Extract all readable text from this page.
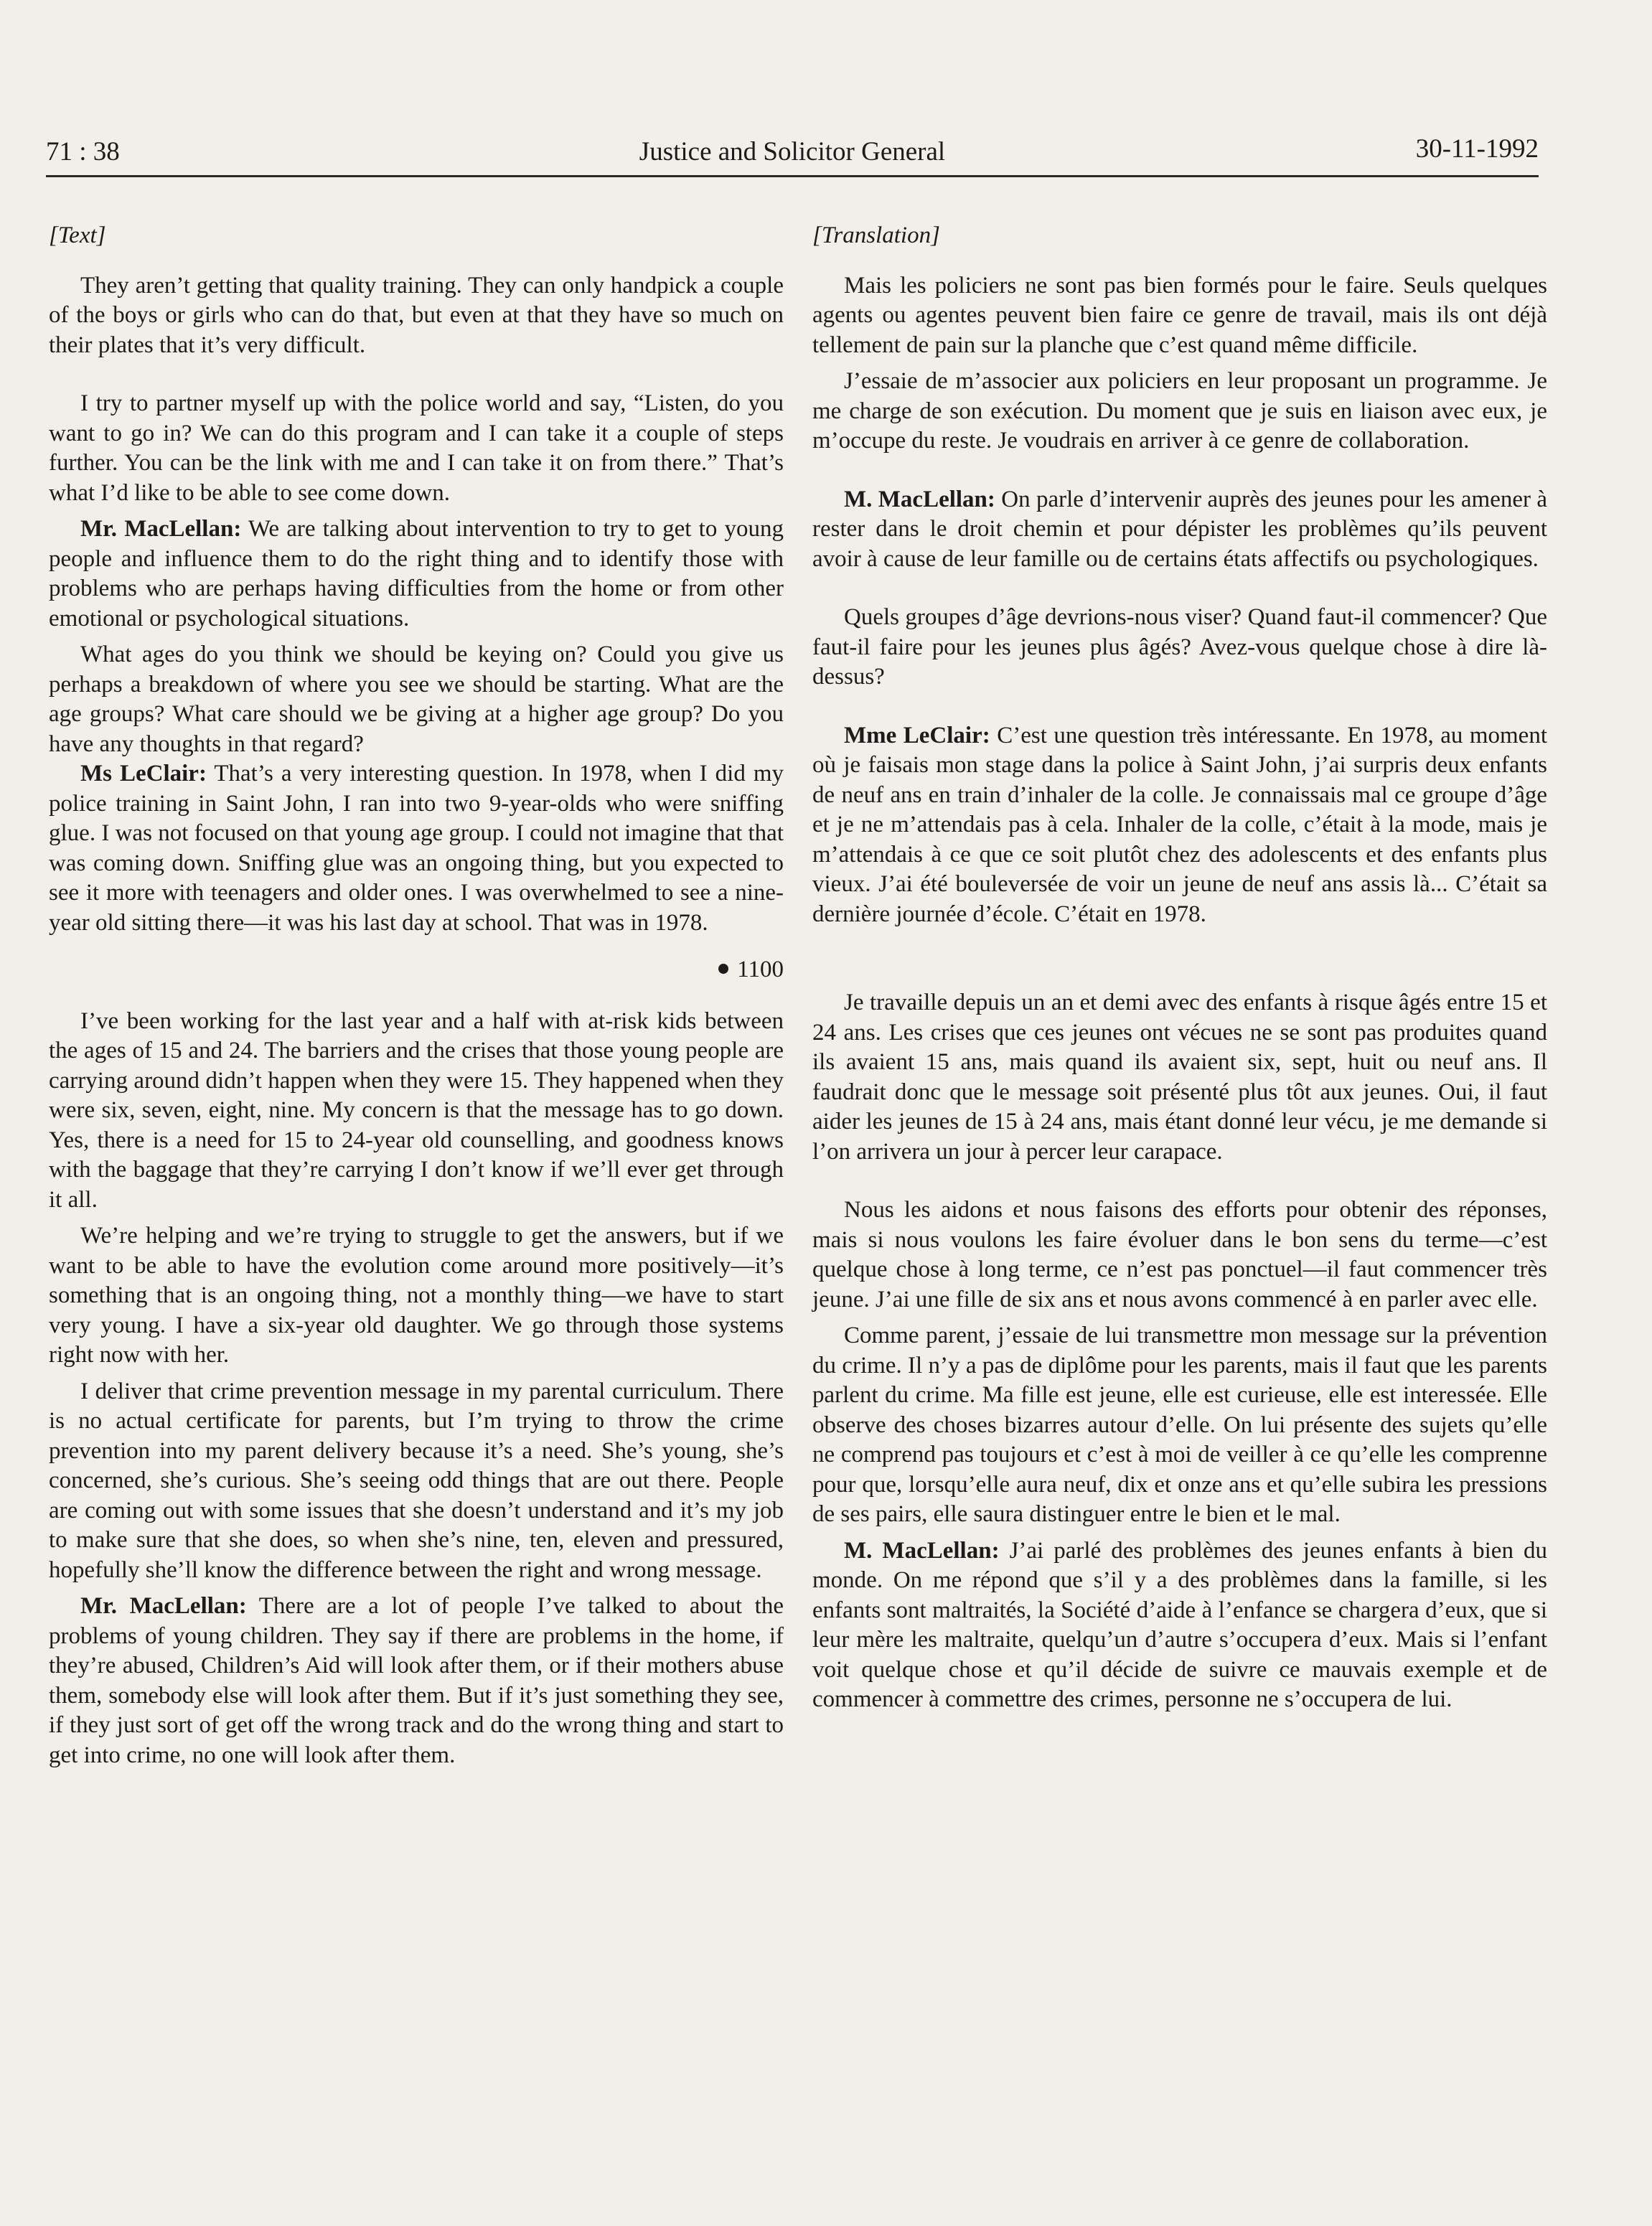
71 : 38	Justice and Solicitor General	30-11-1992

[Text]

They aren’t getting that quality training. They can only handpick a couple of the boys or girls who can do that, but even at that they have so much on their plates that it’s very difficult.

I try to partner myself up with the police world and say, “Listen, do you want to go in? We can do this program and I can take it a couple of steps further. You can be the link with me and I can take it on from there.” That’s what I’d like to be able to see come down.

Mr. MacLellan: We are talking about intervention to try to get to young people and influence them to do the right thing and to identify those with problems who are perhaps having difficulties from the home or from other emotional or psychological situations.

What ages do you think we should be keying on? Could you give us perhaps a breakdown of where you see we should be starting. What are the age groups? What care should we be giving at a higher age group? Do you have any thoughts in that regard?

Ms LeClair: That’s a very interesting question. In 1978, when I did my police training in Saint John, I ran into two 9-year-olds who were sniffing glue. I was not focused on that young age group. I could not imagine that that was coming down. Sniffing glue was an ongoing thing, but you expected to see it more with teenagers and older ones. I was overwhelmed to see a nine-year old sitting there—it was his last day at school. That was in 1978.

1100

I’ve been working for the last year and a half with at-risk kids between the ages of 15 and 24. The barriers and the crises that those young people are carrying around didn’t happen when they were 15. They happened when they were six, seven, eight, nine. My concern is that the message has to go down. Yes, there is a need for 15 to 24-year old counselling, and goodness knows with the baggage that they’re carrying I don’t know if we’ll ever get through it all.

We’re helping and we’re trying to struggle to get the answers, but if we want to be able to have the evolution come around more positively—it’s something that is an ongoing thing, not a monthly thing—we have to start very young. I have a six-year old daughter. We go through those systems right now with her.

I deliver that crime prevention message in my parental curriculum. There is no actual certificate for parents, but I’m trying to throw the crime prevention into my parent delivery because it’s a need. She’s young, she’s concerned, she’s curious. She’s seeing odd things that are out there. People are coming out with some issues that she doesn’t understand and it’s my job to make sure that she does, so when she’s nine, ten, eleven and pressured, hopefully she’ll know the difference between the right and wrong message.

Mr. MacLellan: There are a lot of people I’ve talked to about the problems of young children. They say if there are problems in the home, if they’re abused, Children’s Aid will look after them, or if their mothers abuse them, somebody else will look after them. But if it’s just something they see, if they just sort of get off the wrong track and do the wrong thing and start to get into crime, no one will look after them.

[Translation]

Mais les policiers ne sont pas bien formés pour le faire. Seuls quelques agents ou agentes peuvent bien faire ce genre de travail, mais ils ont déjà tellement de pain sur la planche que c’est quand même difficile.

J’essaie de m’associer aux policiers en leur proposant un programme. Je me charge de son exécution. Du moment que je suis en liaison avec eux, je m’occupe du reste. Je voudrais en arriver à ce genre de collaboration.

M. MacLellan: On parle d’intervenir auprès des jeunes pour les amener à rester dans le droit chemin et pour dépister les problèmes qu’ils peuvent avoir à cause de leur famille ou de certains états affectifs ou psychologiques.

Quels groupes d’âge devrions-nous viser? Quand faut-il commencer? Que faut-il faire pour les jeunes plus âgés? Avez-vous quelque chose à dire là-dessus?

Mme LeClair: C’est une question très intéressante. En 1978, au moment où je faisais mon stage dans la police à Saint John, j’ai surpris deux enfants de neuf ans en train d’inhaler de la colle. Je connaissais mal ce groupe d’âge et je ne m’attendais pas à cela. Inhaler de la colle, c’était à la mode, mais je m’attendais à ce que ce soit plutôt chez des adolescents et des enfants plus vieux. J’ai été bouleversée de voir un jeune de neuf ans assis là... C’était sa dernière journée d’école. C’était en 1978.

Je travaille depuis un an et demi avec des enfants à risque âgés entre 15 et 24 ans. Les crises que ces jeunes ont vécues ne se sont pas produites quand ils avaient 15 ans, mais quand ils avaient six, sept, huit ou neuf ans. Il faudrait donc que le message soit présenté plus tôt aux jeunes. Oui, il faut aider les jeunes de 15 à 24 ans, mais étant donné leur vécu, je me demande si l’on arrivera un jour à percer leur carapace.

Nous les aidons et nous faisons des efforts pour obtenir des réponses, mais si nous voulons les faire évoluer dans le bon sens du terme—c’est quelque chose à long terme, ce n’est pas ponctuel—il faut commencer très jeune. J’ai une fille de six ans et nous avons commencé à en parler avec elle.

Comme parent, j’essaie de lui transmettre mon message sur la prévention du crime. Il n’y a pas de diplôme pour les parents, mais il faut que les parents parlent du crime. Ma fille est jeune, elle est curieuse, elle est interessée. Elle observe des choses bizarres autour d’elle. On lui présente des sujets qu’elle ne comprend pas toujours et c’est à moi de veiller à ce qu’elle les comprenne pour que, lorsqu’elle aura neuf, dix et onze ans et qu’elle subira les pressions de ses pairs, elle saura distinguer entre le bien et le mal.

M. MacLellan: J’ai parlé des problèmes des jeunes enfants à bien du monde. On me répond que s’il y a des problèmes dans la famille, si les enfants sont maltraités, la Société d’aide à l’enfance se chargera d’eux, que si leur mère les maltraite, quelqu’un d’autre s’occupera d’eux. Mais si l’enfant voit quelque chose et qu’il décide de suivre ce mauvais exemple et de commencer à commettre des crimes, personne ne s’occupera de lui.
